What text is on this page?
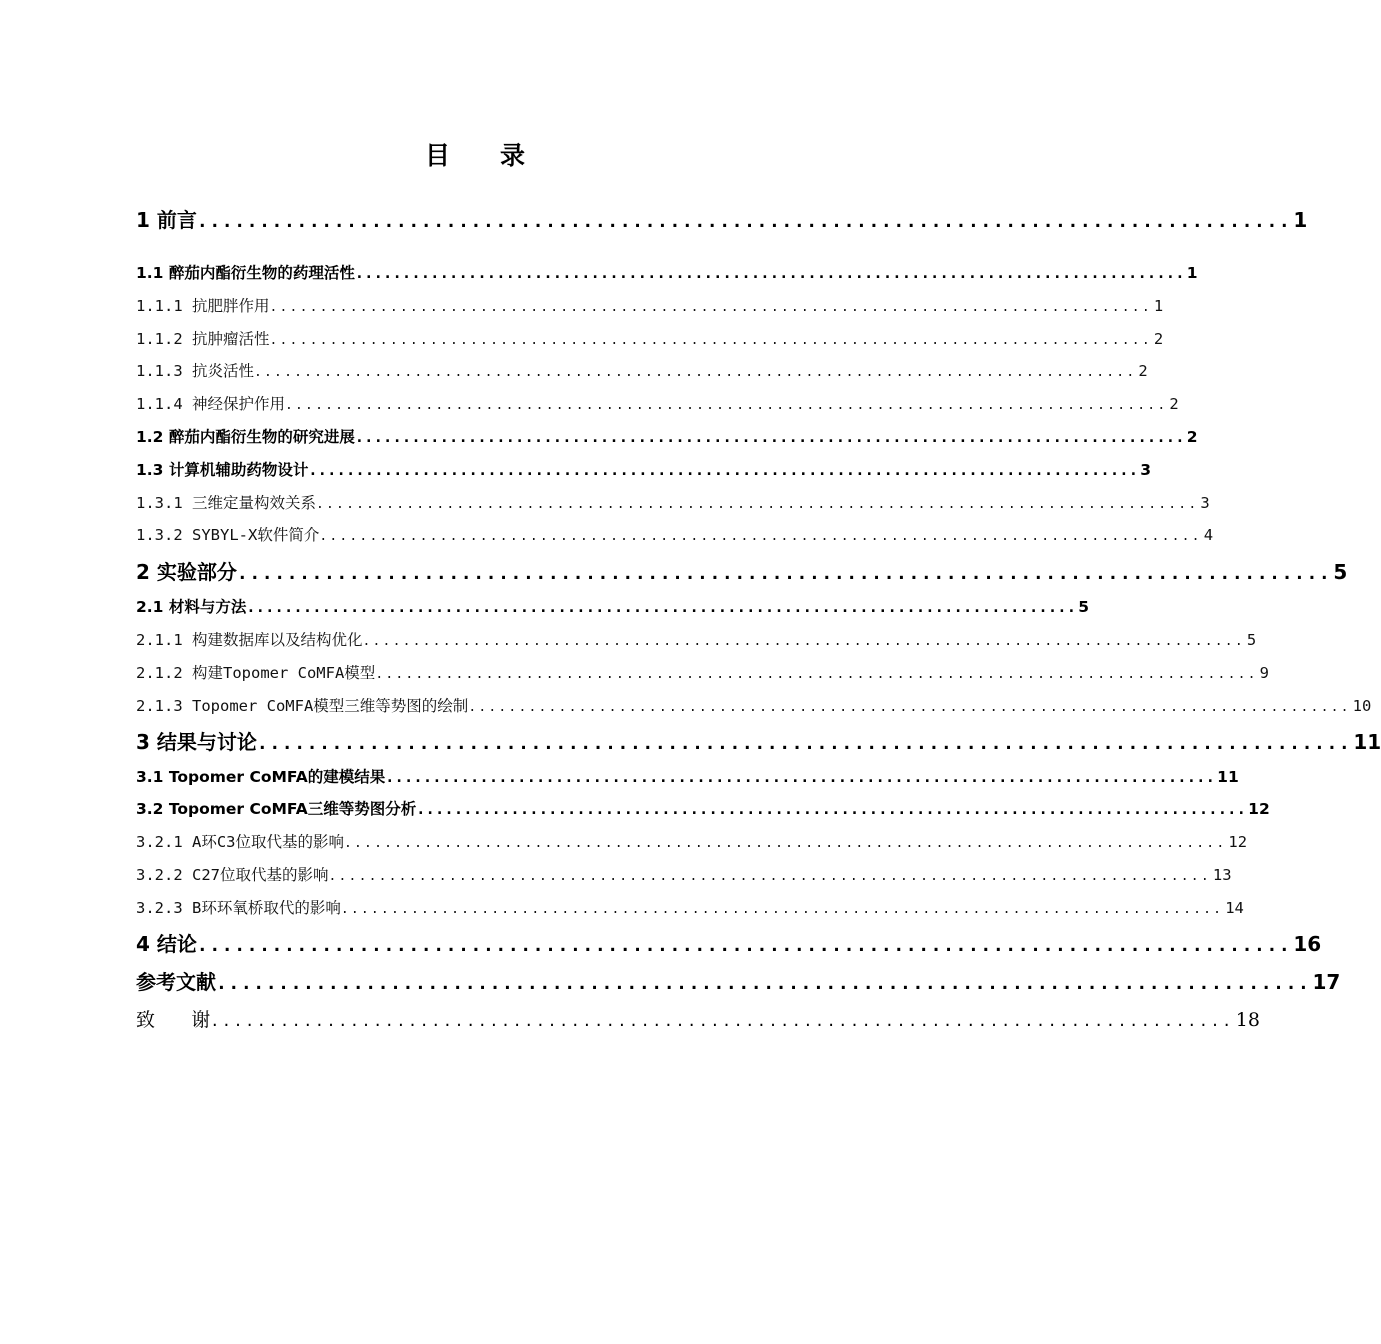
目 录
1 前言 ........................................................................................ 1
1.1 醉茄内酯衍生物的药理活性 ........................................................................................ 1
1.1.1 抗肥胖作用 ........................................................................................ 1
1.1.2 抗肿瘤活性 ........................................................................................ 2
1.1.3 抗炎活性 ........................................................................................ 2
1.1.4 神经保护作用 ........................................................................................ 2
1.2 醉茄内酯衍生物的研究进展 ........................................................................................ 2
1.3 计算机辅助药物设计 ........................................................................................ 3
1.3.1 三维定量构效关系 ........................................................................................ 3
1.3.2 SYBYL-X软件简介 ........................................................................................ 4
2 实验部分 ........................................................................................ 5
2.1 材料与方法 ........................................................................................ 5
2.1.1 构建数据库以及结构优化 ........................................................................................ 5
2.1.2 构建Topomer CoMFA模型 ........................................................................................ 9
2.1.3 Topomer CoMFA模型三维等势图的绘制 ........................................................................................ 10
3 结果与讨论 ........................................................................................ 11
3.1 Topomer CoMFA的建模结果 ........................................................................................ 11
3.2 Topomer CoMFA三维等势图分析 ........................................................................................ 12
3.2.1 A环C3位取代基的影响 ........................................................................................ 12
3.2.2 C27位取代基的影响 ........................................................................................ 13
3.2.3 B环环氧桥取代的影响 ........................................................................................ 14
4 结论 ........................................................................................ 16
参考文献 ........................................................................................ 17
致      谢 ........................................................................................ 18
